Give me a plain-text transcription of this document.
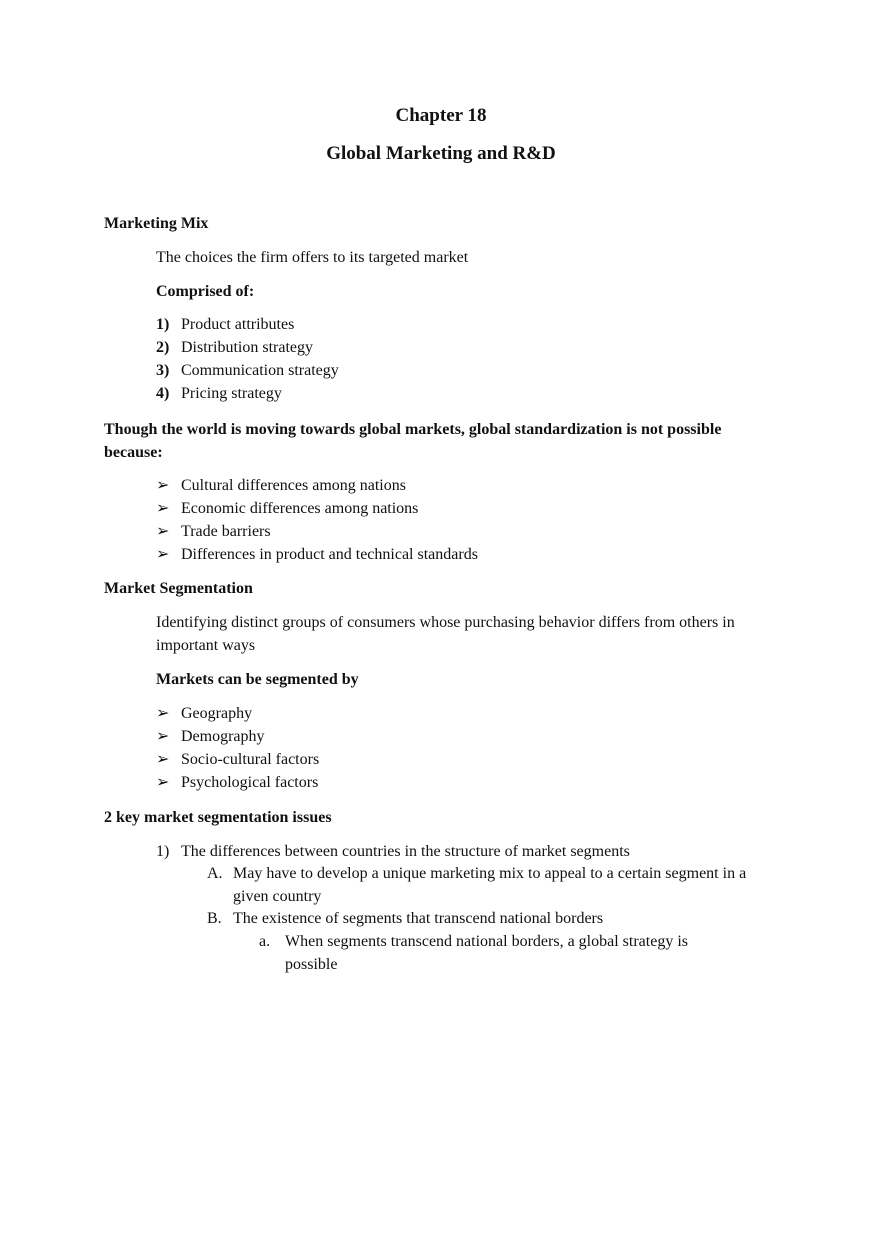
Chapter 18
Global Marketing and R&D
Marketing Mix
The choices the firm offers to its targeted market
Comprised of:
1) Product attributes
2) Distribution strategy
3) Communication strategy
4) Pricing strategy
Though the world is moving towards global markets, global standardization is not possible because:
➢ Cultural differences among nations
➢ Economic differences among nations
➢ Trade barriers
➢ Differences in product and technical standards
Market Segmentation
Identifying distinct groups of consumers whose purchasing behavior differs from others in important ways
Markets can be segmented by
➢ Geography
➢ Demography
➢ Socio-cultural factors
➢ Psychological factors
2 key market segmentation issues
1) The differences between countries in the structure of market segments
A. May have to develop a unique marketing mix to appeal to a certain segment in a given country
B. The existence of segments that transcend national borders
a. When segments transcend national borders, a global strategy is possible
